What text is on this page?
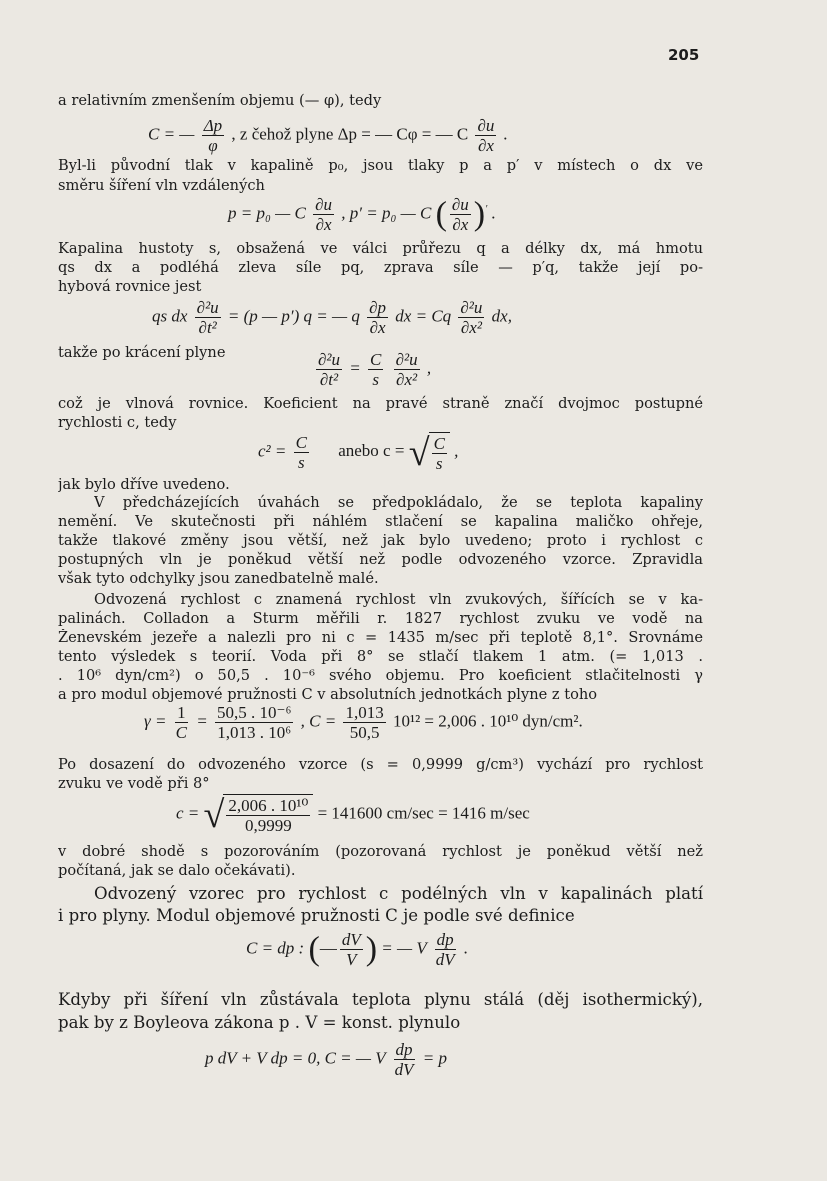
205
a relativním zmenšením objemu (— φ), tedy
C = — $\frac{\Delta p}{\varphi}$ , z čehož plyne Δp = — Cφ = — C $\frac{\partial u}{\partial x}$ .
Byl-li původní tlak v kapalině p₀, jsou tlaky p a p′ v místech o dx ve
směru šíření vln vzdálených
p = p₀ — C $\frac{\partial u}{\partial x}$ , p′ = p₀ — C ( $\frac{\partial u}{\partial x} )'$ .
Kapalina hustoty s, obsažená ve válci průřezu q a délky dx, má hmotu
qs dx a podléhá zleva síle pq, zprava síle — p′q, takže její po-
hybová rovnice jest
qs dx $\frac{\text{∂²u}}{\text{∂t²}} = (p$ — p′) q = — q $\frac{\partial p}{\partial x}$ dx = Cq $\frac{\text{∂²u}}{\text{∂x²}}$ dx,
takže po krácení plyne	$\frac{\text{∂²u}}{\text{∂t²}} = \frac{C}{s}$
$\frac{\text{∂²u}}{\text{∂x²}}$ ,
což je vlnová rovnice. Koeficient na pravé straně značí dvojmoc postupné
rychlosti c, tedy
$c^2 = \frac{C}{s}$ anebo c = √ $\frac{C}{s}$ ,
jak bylo dříve uvedeno.
V předcházejících úvahách se předpokládalo, že se teplota kapaliny
nemění. Ve skutečnosti při náhlém stlačení se kapalina maličko ohřeje,
takže tlakové změny jsou větší, než jak bylo uvedeno; proto i rychlost c
postupných vln je poněkud větší než podle odvozeného vzorce. Zpravidla
však tyto odchylky jsou zanedbatelně malé.
Odvozená rychlost c znamená rychlost vln zvukových, šířících se v ka-
palinách. Colladon a Sturm měřili r. 1827 rychlost zvuku ve vodě na
Ženevském jezeře a nalezli pro ni c = 1435 m/sec při teplotě 8,1°. Srovnáme
tento výsledek s teorií. Voda při 8° se stlačí tlakem 1 atm. (= 1,013 .
. 10⁶ dyn/cm²) o 50,5 . 10⁻⁶ svého objemu. Pro koeficient stlačitelnosti γ
a pro modul objemové pružnosti C v absolutních jednotkách plyne z toho
$\gamma = \frac{1}{C} = \frac{\text{50,5 . 10⁻⁶}}{\text{1,013 . 10⁶}}$ , $C = \frac{1,013}{50,5} 10^{12} = 2,006$ . 10¹⁰ dyn/cm².
Po dosazení do odvozeného vzorce (s = 0,9999 g/cm³) vychází pro rychlost
zvuku ve vodě při 8°
c = √ $\frac{\text{2,006 . 10¹⁰}}{0,9999} = 141600$ cm/sec = 1416 m/sec
v dobré shodě s pozorováním (pozorovaná rychlost je poněkud větší než
počítaná, jak se dalo očekávati).
Odvozený vzorec pro rychlost c podélných vln v kapalinách platí
i pro plyny. Modul objemové pružnosti C je podle své definice
C = dp : (— $\frac{dV}{V}$ ) = — V $\frac{dp}{dV}$ .
Kdyby při šíření vln zůstávala teplota plynu stálá (děj isothermický),
pak by z Boyleova zákona p . V = konst. plynulo
p dV + V dp = 0, C = — V $\frac{dp}{dV} = p$
